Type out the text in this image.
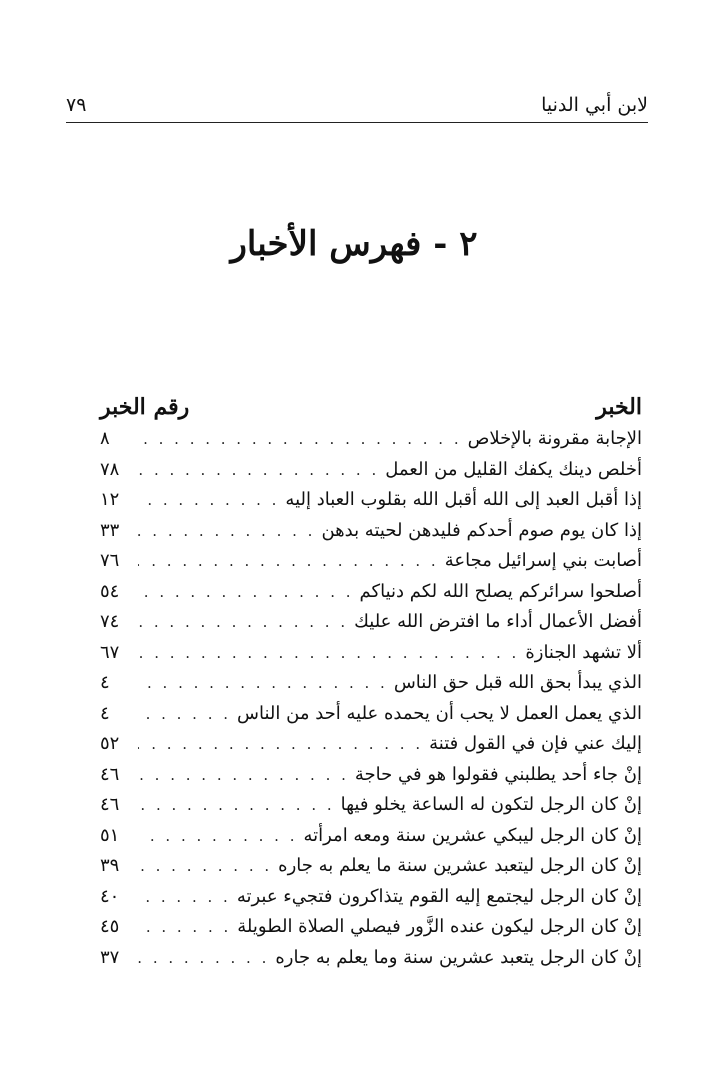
لابن أبي الدنيا
٧٩
٢ - فهرس الأخبار
الخبر
رقم الخبر
الإجابة مقرونة بالإخلاص
. . .
٨
أخلص دينك يكفك القليل من العمل
. . .
٧٨
إذا أقبل العبد إلى الله أقبل الله بقلوب العباد إليه
. . .
١٢
إذا كان يوم صوم أحدكم فليدهن لحيته بدهن
. . .
٣٣
أصابت بني إسرائيل مجاعة
. . .
٧٦
أصلحوا سرائركم يصلح الله لكم دنياكم
. . .
٥٤
أفضل الأعمال أداء ما افترض الله عليك
. . .
٧٤
ألا تشهد الجنازة
. . .
٦٧
الذي يبدأ بحق الله قبل حق الناس
. . .
٤
الذي يعمل العمل لا يحب أن يحمده عليه أحد من الناس
. . .
٤
إليك عني فإن في القول فتنة
. . .
٥٢
إنْ جاء أحد يطلبني فقولوا هو في حاجة
. . .
٤٦
إنْ كان الرجل لتكون له الساعة يخلو فيها
. . .
٤٦
إنْ كان الرجل ليبكي عشرين سنة ومعه امرأته
. . .
٥١
إنْ كان الرجل ليتعبد عشرين سنة ما يعلم به جاره
. . .
٣٩
إنْ كان الرجل ليجتمع إليه القوم يتذاكرون فتجيء عبرته
. . .
٤٠
إنْ كان الرجل ليكون عنده الزَّور فيصلي الصلاة الطويلة
. . .
٤٥
إنْ كان الرجل يتعبد عشرين سنة وما يعلم به جاره
. . .
٣٧
